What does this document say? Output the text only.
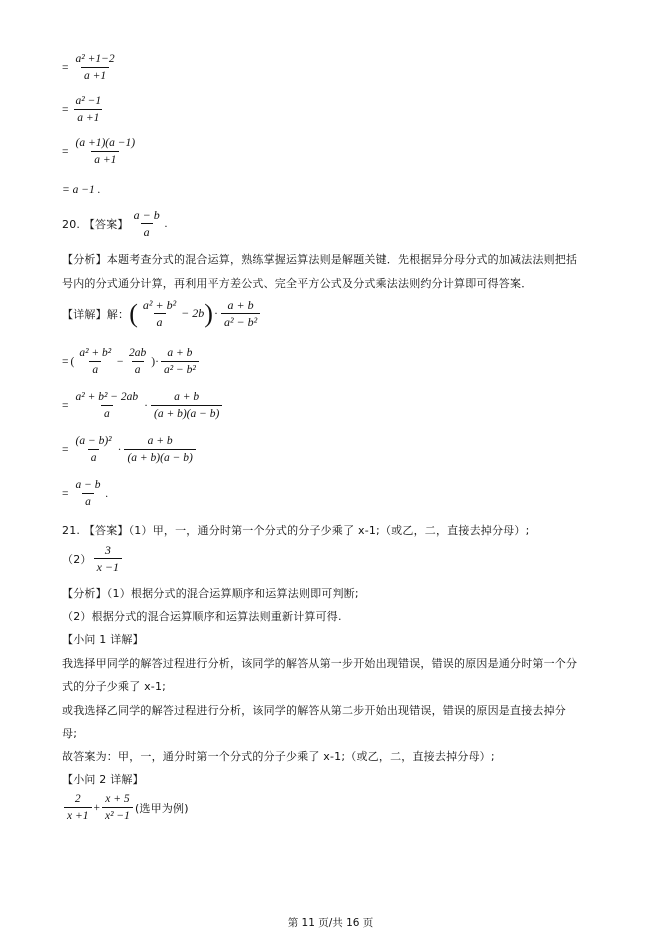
= $\frac{\text{a² +1−2}}{a +1}$
= $\frac{\text{a² −1}}{a +1}$
= $\frac{(a +1)(a -1)}{a +1}$
= a −1 .
20. 【答案】 $\frac{a - b}{a}$ .
【分析】本题考查分式的混合运算，熟练掌握运算法则是解题关键．先根据异分母分式的加减法法则把括
号内的分式通分计算，再利用平方差公式、完全平方公式及分式乘法法则约分计算即可得答案．
【详解】解： ( $\frac{\text{a² + b²}}{a} - 2b$ ) · $\frac{a + b}{\text{a² − b²}}$
= ( $\frac{\text{a² + b²}}{a} - \frac{2ab}{a}$ )· $\frac{a + b}{\text{a² − b²}}$
= $\frac{\text{a² + b² − 2ab}}{a} \cdot \frac{a + b}{(a + b)(a - b)}$
= $\frac{\text{(a − b)²}}{a} \cdot \frac{a + b}{(a + b)(a - b)}$
= $\frac{a - b}{a}$ .
21. 【答案】（1）甲，一，通分时第一个分式的分子少乘了 x-1;（或乙，二，直接去掉分母）;
$(2) \frac{3}{x -1}$
【分析】（1）根据分式的混合运算顺序和运算法则即可判断;
（2）根据分式的混合运算顺序和运算法则重新计算可得.
【小问 1 详解】
我选择甲同学的解答过程进行分析，该同学的解答从第一步开始出现错误，错误的原因是通分时第一个分
式的分子少乘了 x-1;
或我选择乙同学的解答过程进行分析，该同学的解答从第二步开始出现错误，错误的原因是直接去掉分
母;
故答案为：甲，一，通分时第一个分式的分子少乘了 x-1;（或乙，二，直接去掉分母）;
【小问 2 详解】
$\frac{2}{x +1} + \frac{x + 5}{\text{x² −1}}$ (选甲为例)
第 11 页/共 16 页
